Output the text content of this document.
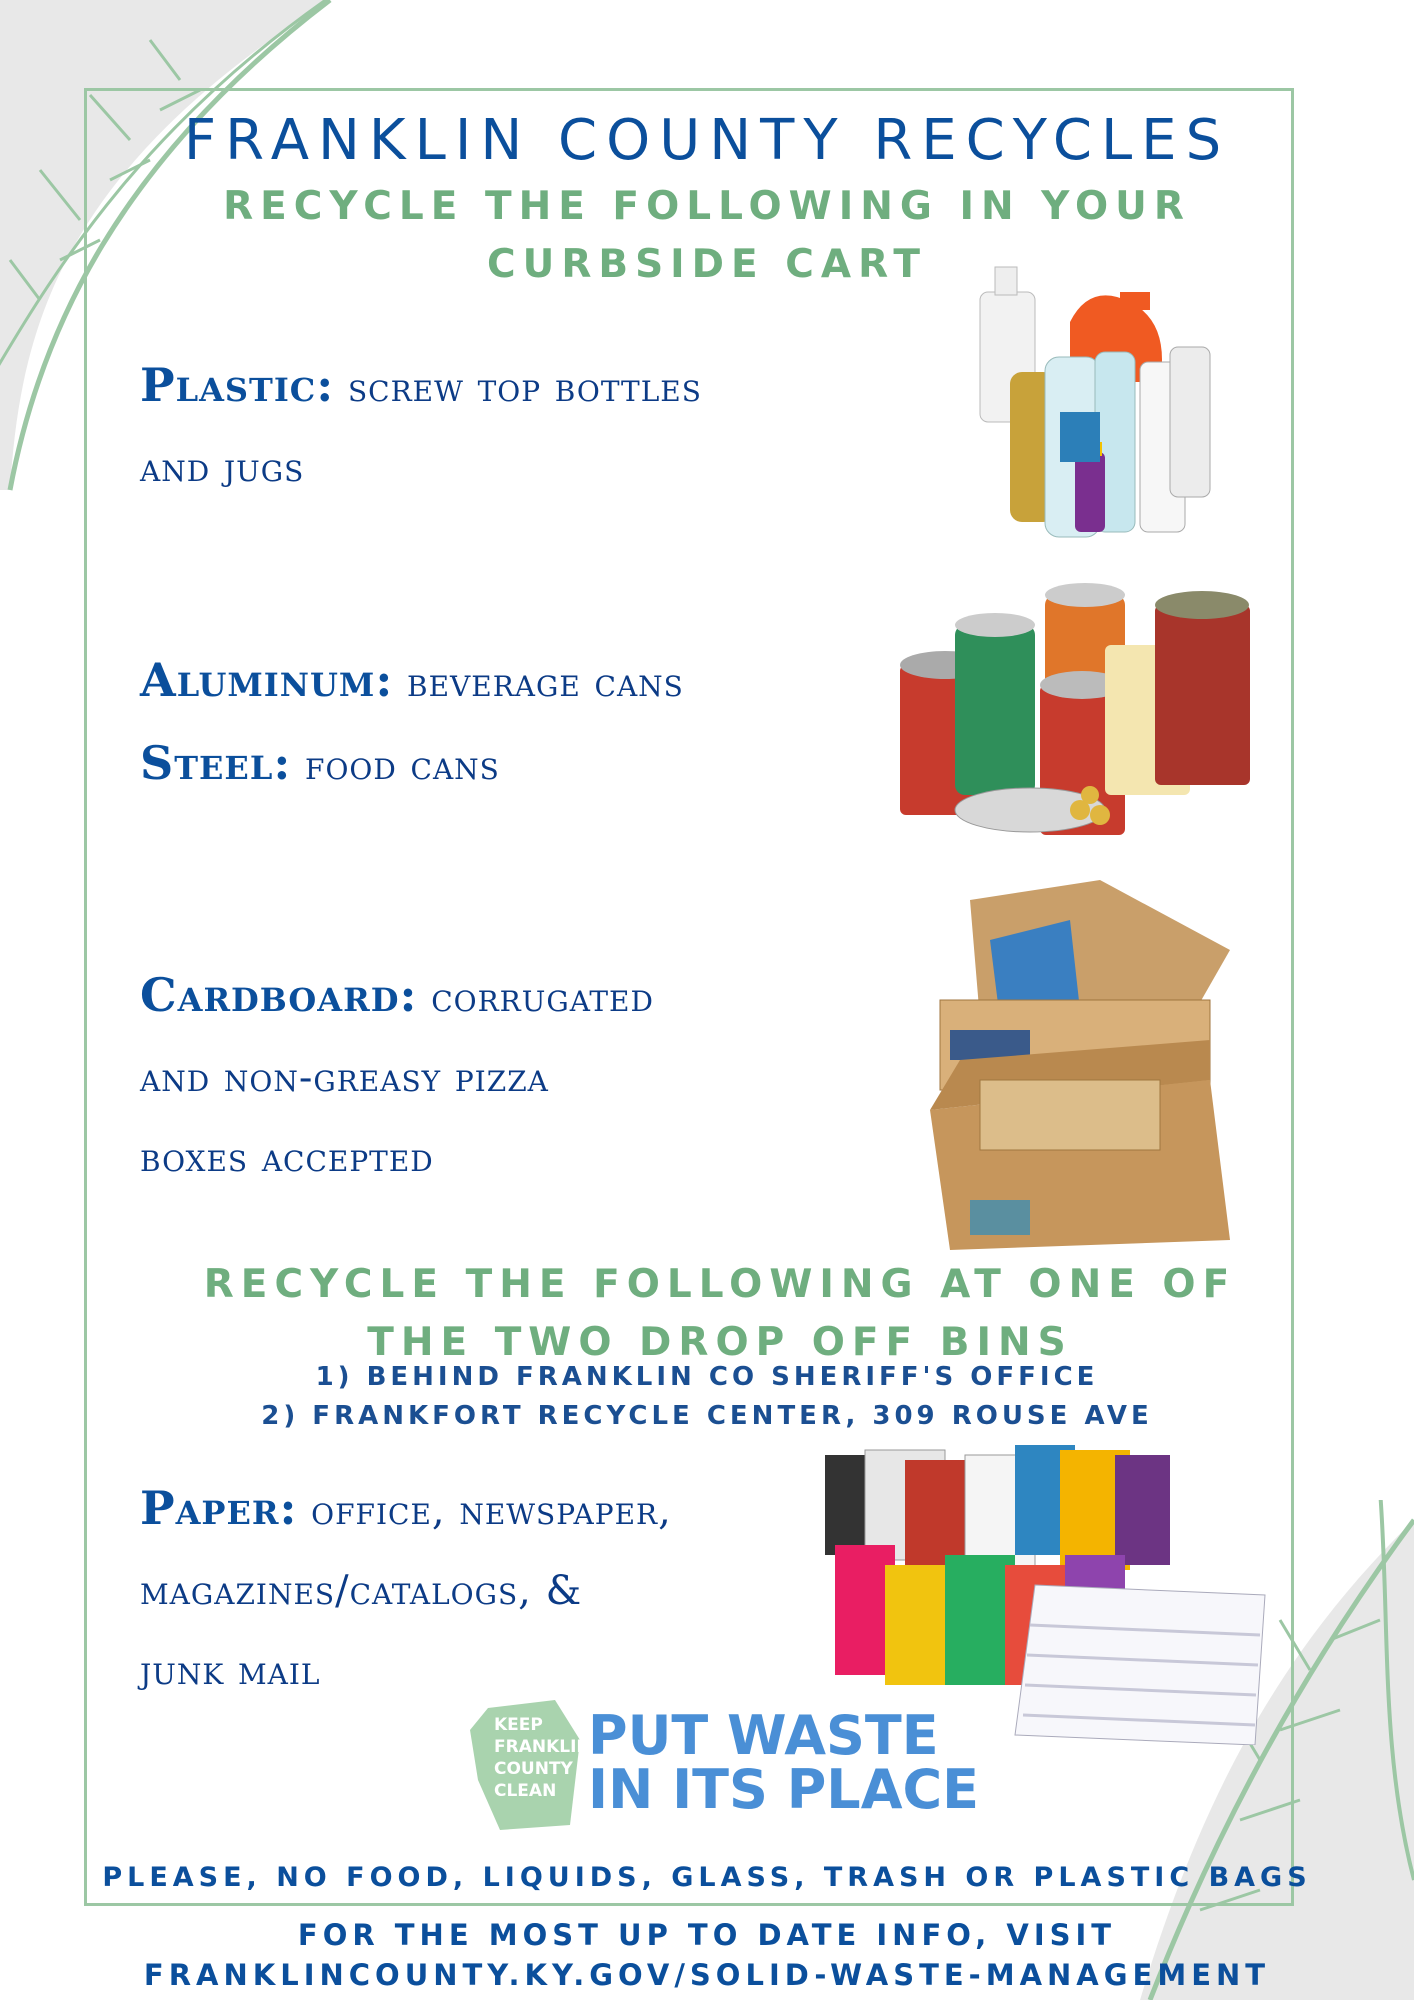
FRANKLIN COUNTY RECYCLES
RECYCLE THE FOLLOWING IN YOUR CURBSIDE CART
Plastic: screw top bottles
and jugs
Aluminum: beverage cans
Steel: food cans
Cardboard: corrugated
and non-greasy pizza
boxes accepted
RECYCLE THE FOLLOWING AT ONE OF THE TWO DROP OFF BINS
1) BEHIND FRANKLIN CO SHERIFF'S OFFICE
2) FRANKFORT RECYCLE CENTER, 309 ROUSE AVE
Paper: office, newspaper,
magazines/catalogs, &
junk mail
KEEP FRANKLIN COUNTY CLEAN
PUT WASTE
IN ITS PLACE
PLEASE, NO FOOD, LIQUIDS, GLASS, TRASH OR PLASTIC BAGS
FOR THE MOST UP TO DATE INFO, VISIT
FRANKLINCOUNTY.KY.GOV/SOLID-WASTE-MANAGEMENT
